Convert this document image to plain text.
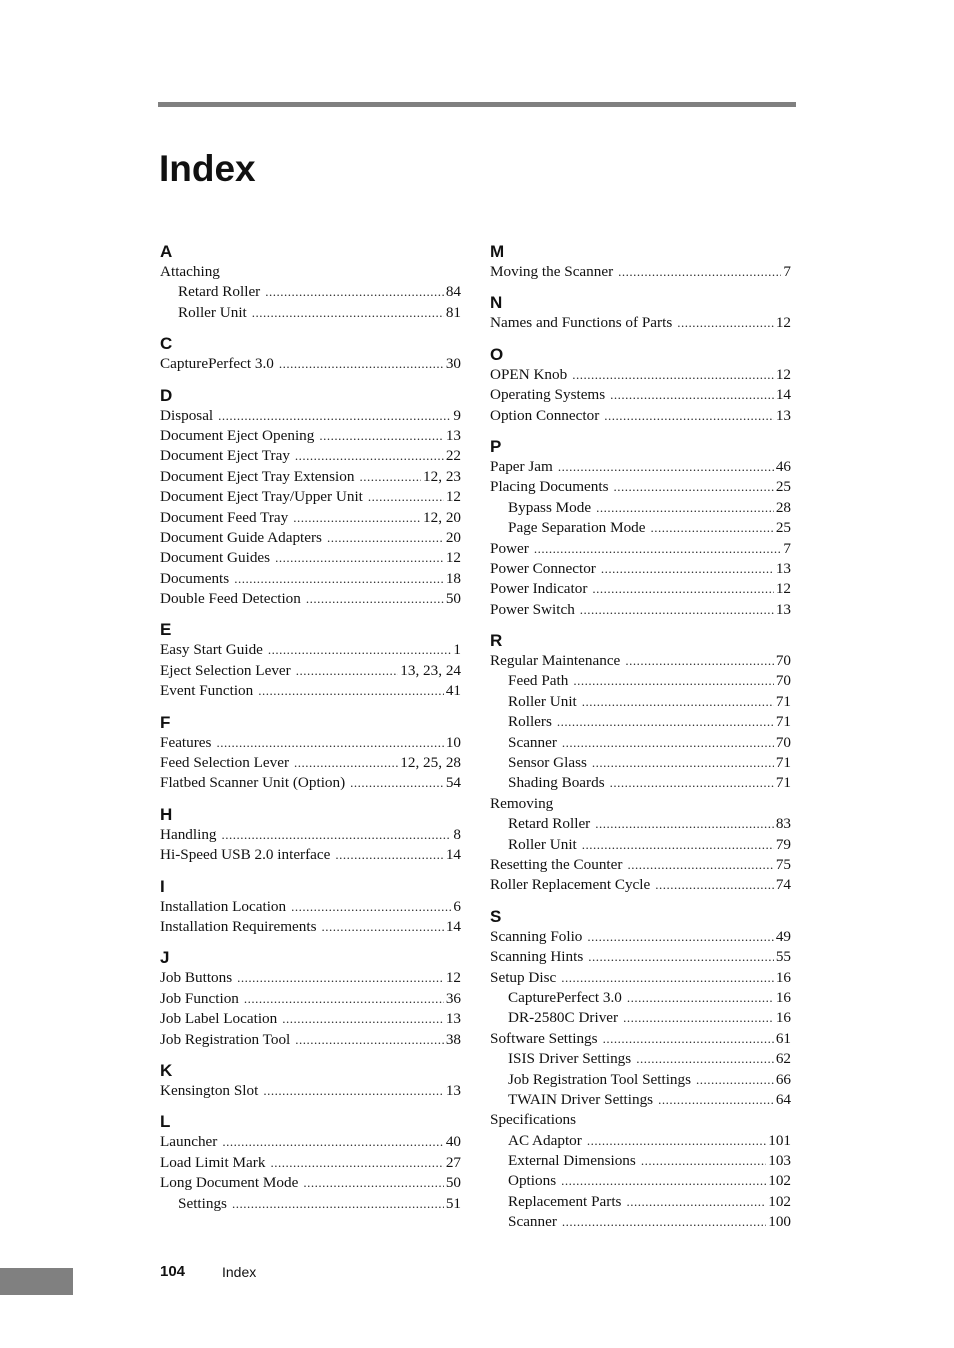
Index
A
Attaching
Retard Roller .....	84
Roller Unit .....	81
C
CapturePerfect 3.0 .....	30
D
Disposal .....	9
Document Eject Opening .....	13
Document Eject Tray .....	22
Document Eject Tray Extension .....	12, 23
Document Eject Tray/Upper Unit .....	12
Document Feed Tray .....	12, 20
Document Guide Adapters .....	20
Document Guides .....	12
Documents .....	18
Double Feed Detection .....	50
E
Easy Start Guide .....	1
Eject Selection Lever .....	13, 23, 24
Event Function .....	41
F
Features .....	10
Feed Selection Lever .....	12, 25, 28
Flatbed Scanner Unit (Option) .....	54
H
Handling .....	8
Hi-Speed USB 2.0 interface .....	14
I
Installation Location .....	6
Installation Requirements .....	14
J
Job Buttons .....	12
Job Function .....	36
Job Label Location .....	13
Job Registration Tool .....	38
K
Kensington Slot .....	13
L
Launcher .....	40
Load Limit Mark .....	27
Long Document Mode .....	50
Settings .....	51
M
Moving the Scanner .....	7
N
Names and Functions of Parts .....	12
O
OPEN Knob .....	12
Operating Systems .....	14
Option Connector .....	13
P
Paper Jam .....	46
Placing Documents .....	25
Bypass Mode .....	28
Page Separation Mode .....	25
Power .....	7
Power Connector .....	13
Power Indicator .....	12
Power Switch .....	13
R
Regular Maintenance .....	70
Feed Path .....	70
Roller Unit .....	71
Rollers .....	71
Scanner .....	70
Sensor Glass .....	71
Shading Boards .....	71
Removing
Retard Roller .....	83
Roller Unit .....	79
Resetting the Counter .....	75
Roller Replacement Cycle .....	74
S
Scanning Folio .....	49
Scanning Hints .....	55
Setup Disc .....	16
CapturePerfect 3.0 .....	16
DR-2580C Driver .....	16
Software Settings .....	61
ISIS Driver Settings .....	62
Job Registration Tool Settings .....	66
TWAIN Driver Settings .....	64
Specifications
AC Adaptor .....	101
External Dimensions .....	103
Options .....	102
Replacement Parts .....	102
Scanner .....	100
104	Index
